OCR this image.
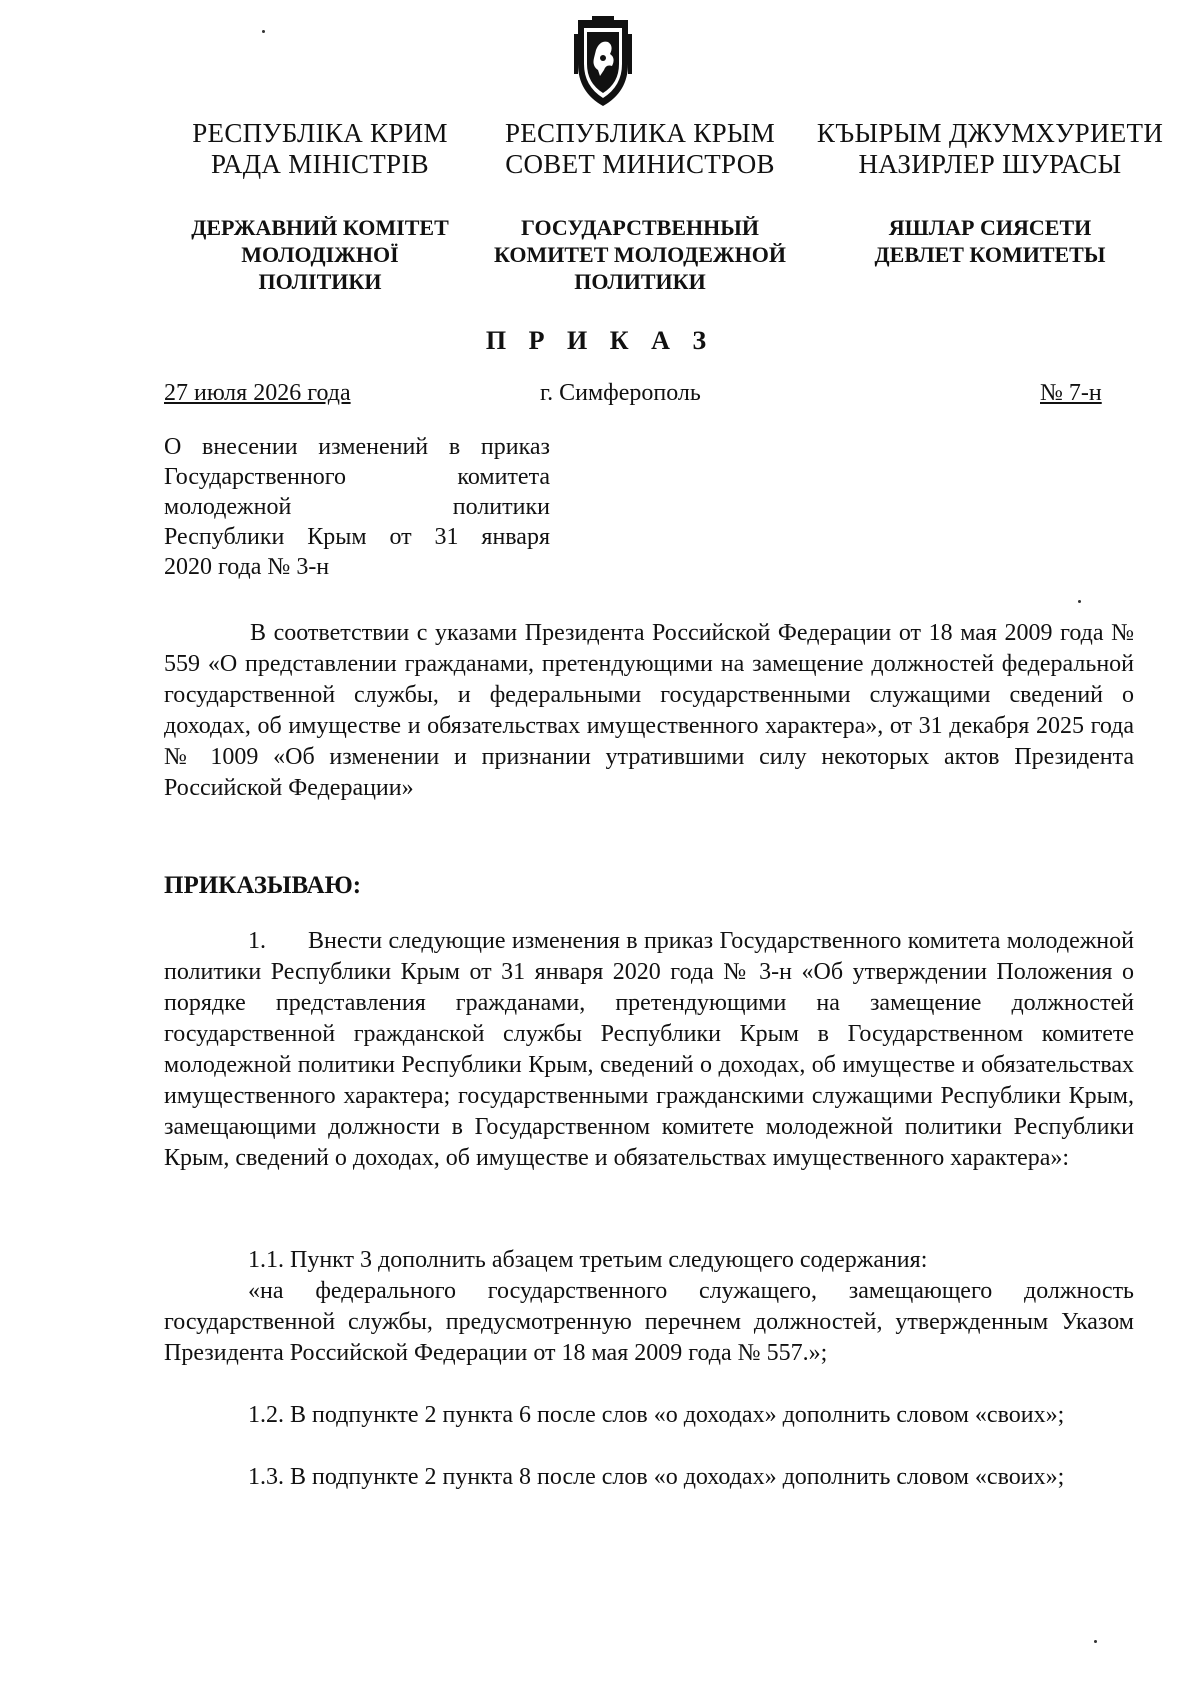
РЕСПУБЛІКА КРИМ
РАДА МІНІСТРІВ
РЕСПУБЛИКА КРЫМ
СОВЕТ МИНИСТРОВ
КЪЫРЫМ ДЖУМХУРИЕТИ
НАЗИРЛЕР ШУРАСЫ
ДЕРЖАВНИЙ КОМІТЕТ
МОЛОДІЖНОЇ
ПОЛІТИКИ
ГОСУДАРСТВЕННЫЙ
КОМИТЕТ МОЛОДЕЖНОЙ
ПОЛИТИКИ
ЯШЛАР СИЯСЕТИ
ДЕВЛЕТ КОМИТЕТЫ
П Р И К А З
27 июля 2026 года	г. Симферополь	№ 7-н
О внесении изменений в приказ
Государственного комитета
молодежной политики
Республики Крым от 31 января
2020 года № 3-н
В соответствии с указами Президента Российской Федерации от 18 мая 2009 года № 559 «О представлении гражданами, претендующими на замещение должностей федеральной государственной службы, и федеральными государственными служащими сведений о доходах, об имуществе и обязательствах имущественного характера», от 31 декабря 2025 года № 1009 «Об изменении и признании утратившими силу некоторых актов Президента Российской Федерации»
ПРИКАЗЫВАЮ:
1. Внести следующие изменения в приказ Государственного комитета молодежной политики Республики Крым от 31 января 2020 года № 3-н «Об утверждении Положения о порядке представления гражданами, претендующими на замещение должностей государственной гражданской службы Республики Крым в Государственном комитете молодежной политики Республики Крым, сведений о доходах, об имуществе и обязательствах имущественного характера; государственными гражданскими служащими Республики Крым, замещающими должности в Государственном комитете молодежной политики Республики Крым, сведений о доходах, об имуществе и обязательствах имущественного характера»:
1.1. Пункт 3 дополнить абзацем третьим следующего содержания:
«на федерального государственного служащего, замещающего должность государственной службы, предусмотренную перечнем должностей, утвержденным Указом Президента Российской Федерации от 18 мая 2009 года № 557.»;
1.2. В подпункте 2 пункта 6 после слов «о доходах» дополнить словом «своих»;
1.3. В подпункте 2 пункта 8 после слов «о доходах» дополнить словом «своих»;
